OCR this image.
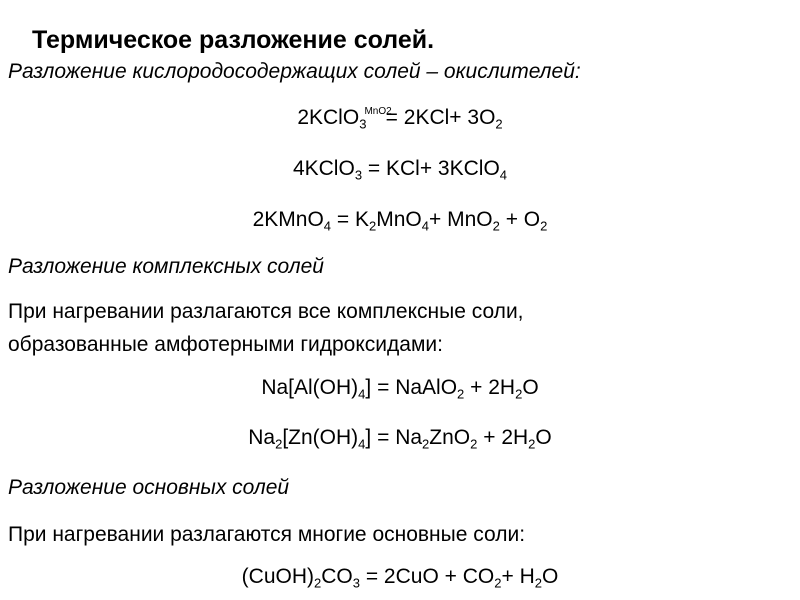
Термическое разложение солей.
Разложение кислородосодержащих солей – окислителей:
2KClO$_3^{MnO2}$= $2KCl+ 3O_2$
4KClO$_3$ = KCl+ 3KClO$_4$
2KMnO$_4$ = $K_2MnO_4+ MnO_2 + O_2$
Разложение комплексных солей
При нагревании разлагаются все комплексные соли,
образованные амфотерными гидроксидами:
$Na[Al(OH)_4]$ = NaAlO$_2$ + $2H_2O$
$Na_2[Zn(OH)_4] = Na_2ZnO_2 + 2H_2O$
Разложение основных солей
При нагревании разлагаются многие основные соли:
$(CuOH)_2CO_3 = 2CuO + CO_2+ H_2O$
